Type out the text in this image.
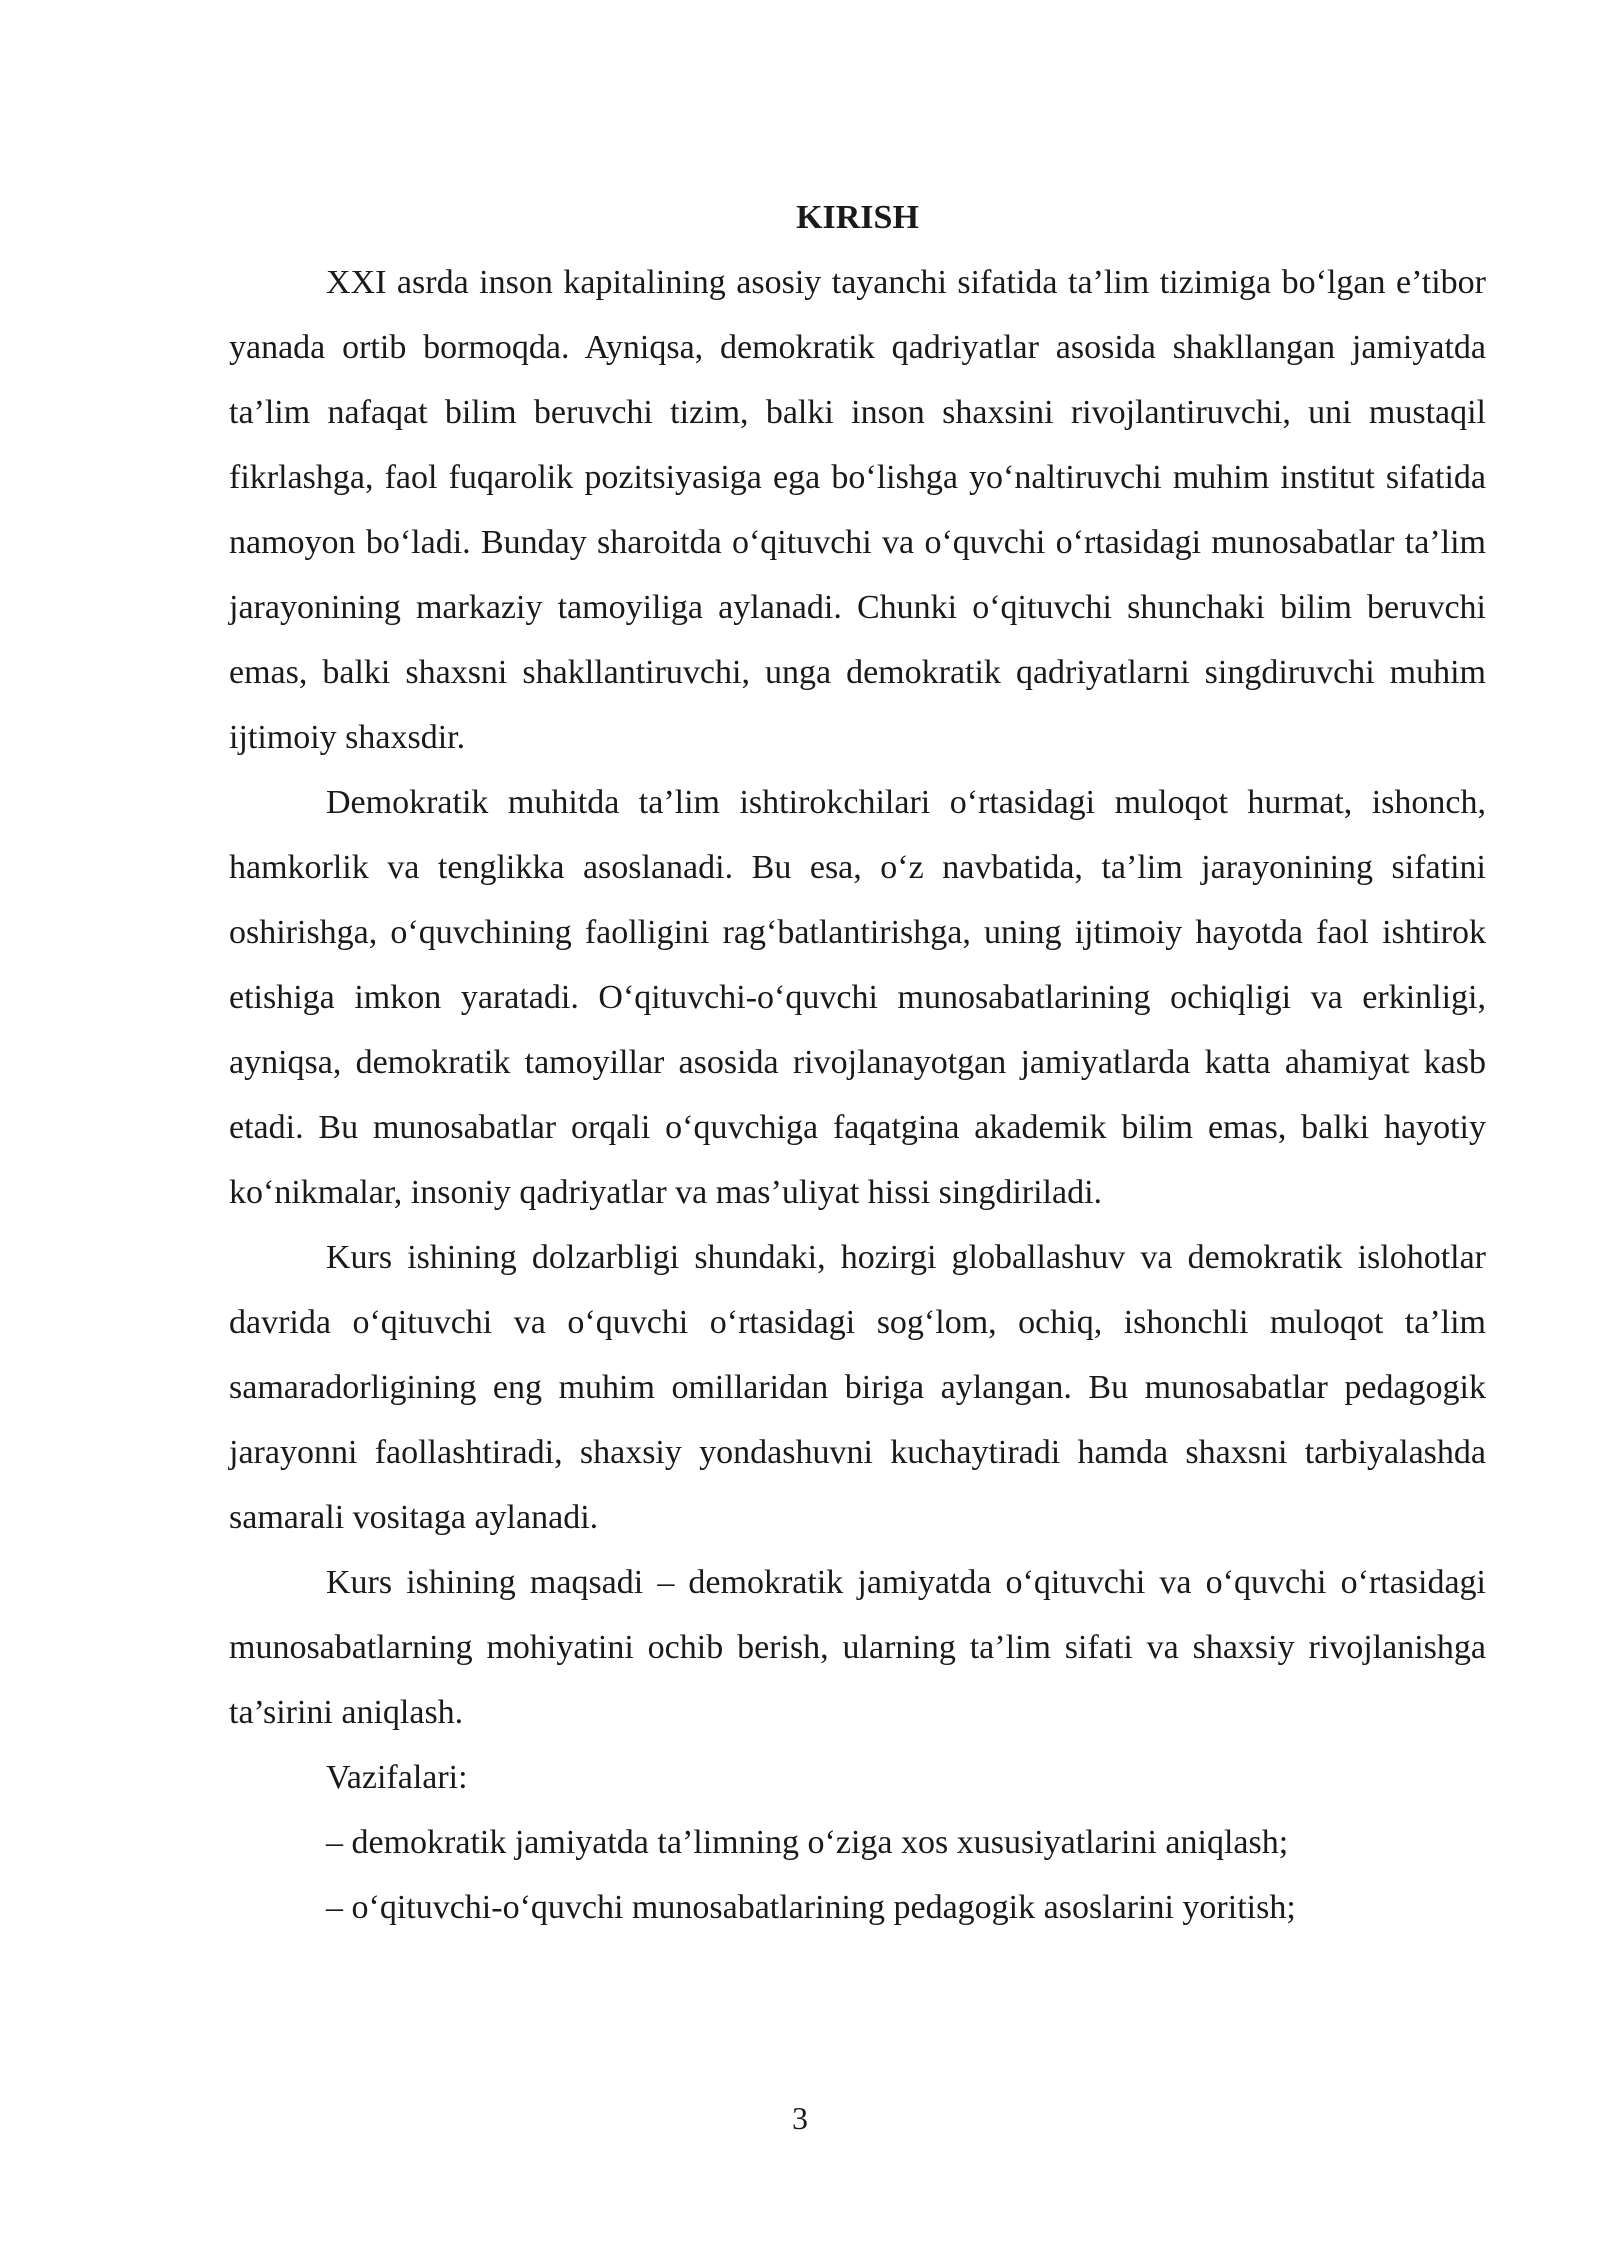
KIRISH

XXI asrda inson kapitalining asosiy tayanchi sifatida ta’lim tizimiga bo‘lgan e’tibor yanada ortib bormoqda. Ayniqsa, demokratik qadriyatlar asosida shakllangan jamiyatda ta’lim nafaqat bilim beruvchi tizim, balki inson shaxsini rivojlantiruvchi, uni mustaqil fikrlashga, faol fuqarolik pozitsiyasiga ega bo‘lishga yo‘naltiruvchi muhim institut sifatida namoyon bo‘ladi. Bunday sharoitda o‘qituvchi va o‘quvchi o‘rtasidagi munosabatlar ta’lim jarayonining markaziy tamoyiliga aylanadi. Chunki o‘qituvchi shunchaki bilim beruvchi emas, balki shaxsni shakllantiruvchi, unga demokratik qadriyatlarni singdiruvchi muhim ijtimoiy shaxsdir.

Demokratik muhitda ta’lim ishtirokchilari o‘rtasidagi muloqot hurmat, ishonch, hamkorlik va tenglikka asoslanadi. Bu esa, o‘z navbatida, ta’lim jarayonining sifatini oshirishga, o‘quvchining faolligini rag‘batlantirishga, uning ijtimoiy hayotda faol ishtirok etishiga imkon yaratadi. O‘qituvchi-o‘quvchi munosabatlarining ochiqligi va erkinligi, ayniqsa, demokratik tamoyillar asosida rivojlanayotgan jamiyatlarda katta ahamiyat kasb etadi. Bu munosabatlar orqali o‘quvchiga faqatgina akademik bilim emas, balki hayotiy ko‘nikmalar, insoniy qadriyatlar va mas’uliyat hissi singdiriladi.

Kurs ishining dolzarbligi shundaki, hozirgi globallashuv va demokratik islohotlar davrida o‘qituvchi va o‘quvchi o‘rtasidagi sog‘lom, ochiq, ishonchli muloqot ta’lim samaradorligining eng muhim omillaridan biriga aylangan. Bu munosabatlar pedagogik jarayonni faollashtiradi, shaxsiy yondashuvni kuchaytiradi hamda shaxsni tarbiyalashda samarali vositaga aylanadi.

Kurs ishining maqsadi – demokratik jamiyatda o‘qituvchi va o‘quvchi o‘rtasidagi munosabatlarning mohiyatini ochib berish, ularning ta’lim sifati va shaxsiy rivojlanishga ta’sirini aniqlash.

Vazifalari:

– demokratik jamiyatda ta’limning o‘ziga xos xususiyatlarini aniqlash;

– o‘qituvchi-o‘quvchi munosabatlarining pedagogik asoslarini yoritish;

3
